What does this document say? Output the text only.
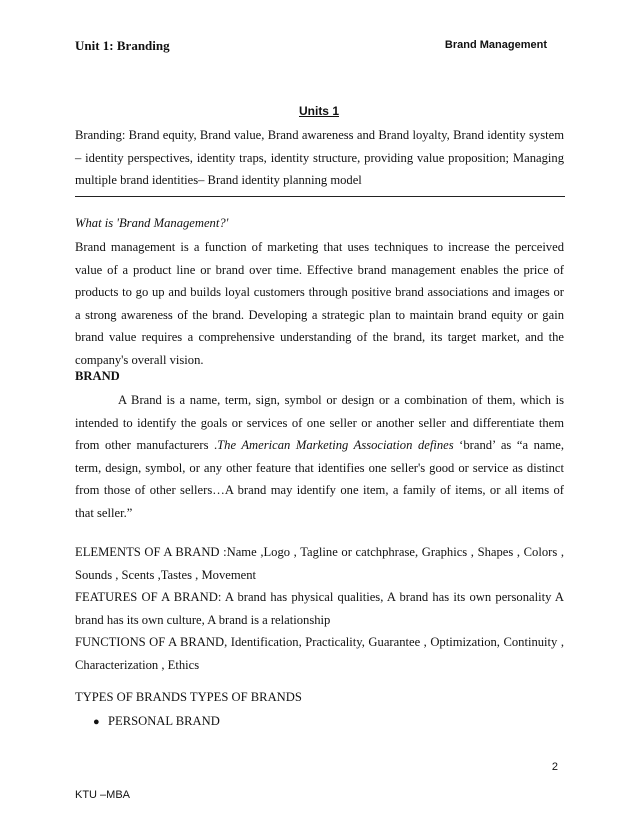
Unit 1: Branding	Brand Management
Units 1
Branding: Brand equity, Brand value, Brand awareness and Brand loyalty, Brand identity system – identity perspectives, identity traps, identity structure, providing value proposition; Managing multiple brand identities– Brand identity planning model
What is 'Brand Management?'
Brand management is a function of marketing that uses techniques to increase the perceived value of a product line or brand over time. Effective brand management enables the price of products to go up and builds loyal customers through positive brand associations and images or a strong awareness of the brand. Developing a strategic plan to maintain brand equity or gain brand value requires a comprehensive understanding of the brand, its target market, and the company's overall vision.
BRAND
A Brand is a name, term, sign, symbol or design or a combination of them, which is intended to identify the goals or services of one seller or another seller and differentiate them from other manufacturers .The American Marketing Association defines ‘brand’ as “a name, term, design, symbol, or any other feature that identifies one seller's good or service as distinct from those of other sellers…A brand may identify one item, a family of items, or all items of that seller.”
ELEMENTS OF A BRAND :Name ,Logo , Tagline or catchphrase, Graphics , Shapes , Colors , Sounds , Scents ,Tastes , Movement
FEATURES OF A BRAND: A brand has physical qualities, A brand has its own personality A brand has its own culture, A brand is a relationship
FUNCTIONS OF A BRAND, Identification, Practicality, Guarantee , Optimization, Continuity , Characterization , Ethics
TYPES OF BRANDS TYPES OF BRANDS
● PERSONAL BRAND
2
KTU –MBA
